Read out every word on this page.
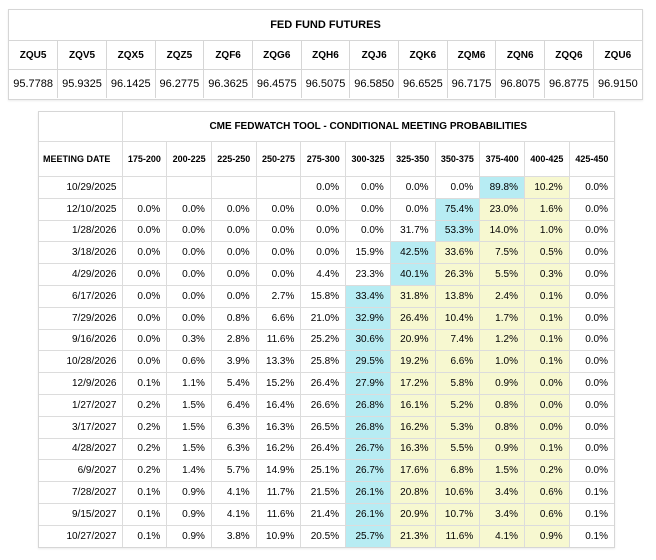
FED FUND FUTURES
ZQU5	ZQV5	ZQX5	ZQZ5	ZQF6	ZQG6	ZQH6	ZQJ6	ZQK6	ZQM6	ZQN6	ZQQ6	ZQU6
95.7788	95.9325	96.1425	96.2775	96.3625	96.4575	96.5075	96.5850	96.6525	96.7175	96.8075	96.8775	96.9150
	CME FEDWATCH TOOL - CONDITIONAL MEETING PROBABILITIES										
MEETING DATE	175-200	200-225	225-250	250-275	275-300	300-325	325-350	350-375	375-400	400-425	425-450
10/29/2025					0.0%	0.0%	0.0%	0.0%	89.8%	10.2%	0.0%
12/10/2025	0.0%	0.0%	0.0%	0.0%	0.0%	0.0%	0.0%	75.4%	23.0%	1.6%	0.0%
1/28/2026	0.0%	0.0%	0.0%	0.0%	0.0%	0.0%	31.7%	53.3%	14.0%	1.0%	0.0%
3/18/2026	0.0%	0.0%	0.0%	0.0%	0.0%	15.9%	42.5%	33.6%	7.5%	0.5%	0.0%
4/29/2026	0.0%	0.0%	0.0%	0.0%	4.4%	23.3%	40.1%	26.3%	5.5%	0.3%	0.0%
6/17/2026	0.0%	0.0%	0.0%	2.7%	15.8%	33.4%	31.8%	13.8%	2.4%	0.1%	0.0%
7/29/2026	0.0%	0.0%	0.8%	6.6%	21.0%	32.9%	26.4%	10.4%	1.7%	0.1%	0.0%
9/16/2026	0.0%	0.3%	2.8%	11.6%	25.2%	30.6%	20.9%	7.4%	1.2%	0.1%	0.0%
10/28/2026	0.0%	0.6%	3.9%	13.3%	25.8%	29.5%	19.2%	6.6%	1.0%	0.1%	0.0%
12/9/2026	0.1%	1.1%	5.4%	15.2%	26.4%	27.9%	17.2%	5.8%	0.9%	0.0%	0.0%
1/27/2027	0.2%	1.5%	6.4%	16.4%	26.6%	26.8%	16.1%	5.2%	0.8%	0.0%	0.0%
3/17/2027	0.2%	1.5%	6.3%	16.3%	26.5%	26.8%	16.2%	5.3%	0.8%	0.0%	0.0%
4/28/2027	0.2%	1.5%	6.3%	16.2%	26.4%	26.7%	16.3%	5.5%	0.9%	0.1%	0.0%
6/9/2027	0.2%	1.4%	5.7%	14.9%	25.1%	26.7%	17.6%	6.8%	1.5%	0.2%	0.0%
7/28/2027	0.1%	0.9%	4.1%	11.7%	21.5%	26.1%	20.8%	10.6%	3.4%	0.6%	0.1%
9/15/2027	0.1%	0.9%	4.1%	11.6%	21.4%	26.1%	20.9%	10.7%	3.4%	0.6%	0.1%
10/27/2027	0.1%	0.9%	3.8%	10.9%	20.5%	25.7%	21.3%	11.6%	4.1%	0.9%	0.1%
